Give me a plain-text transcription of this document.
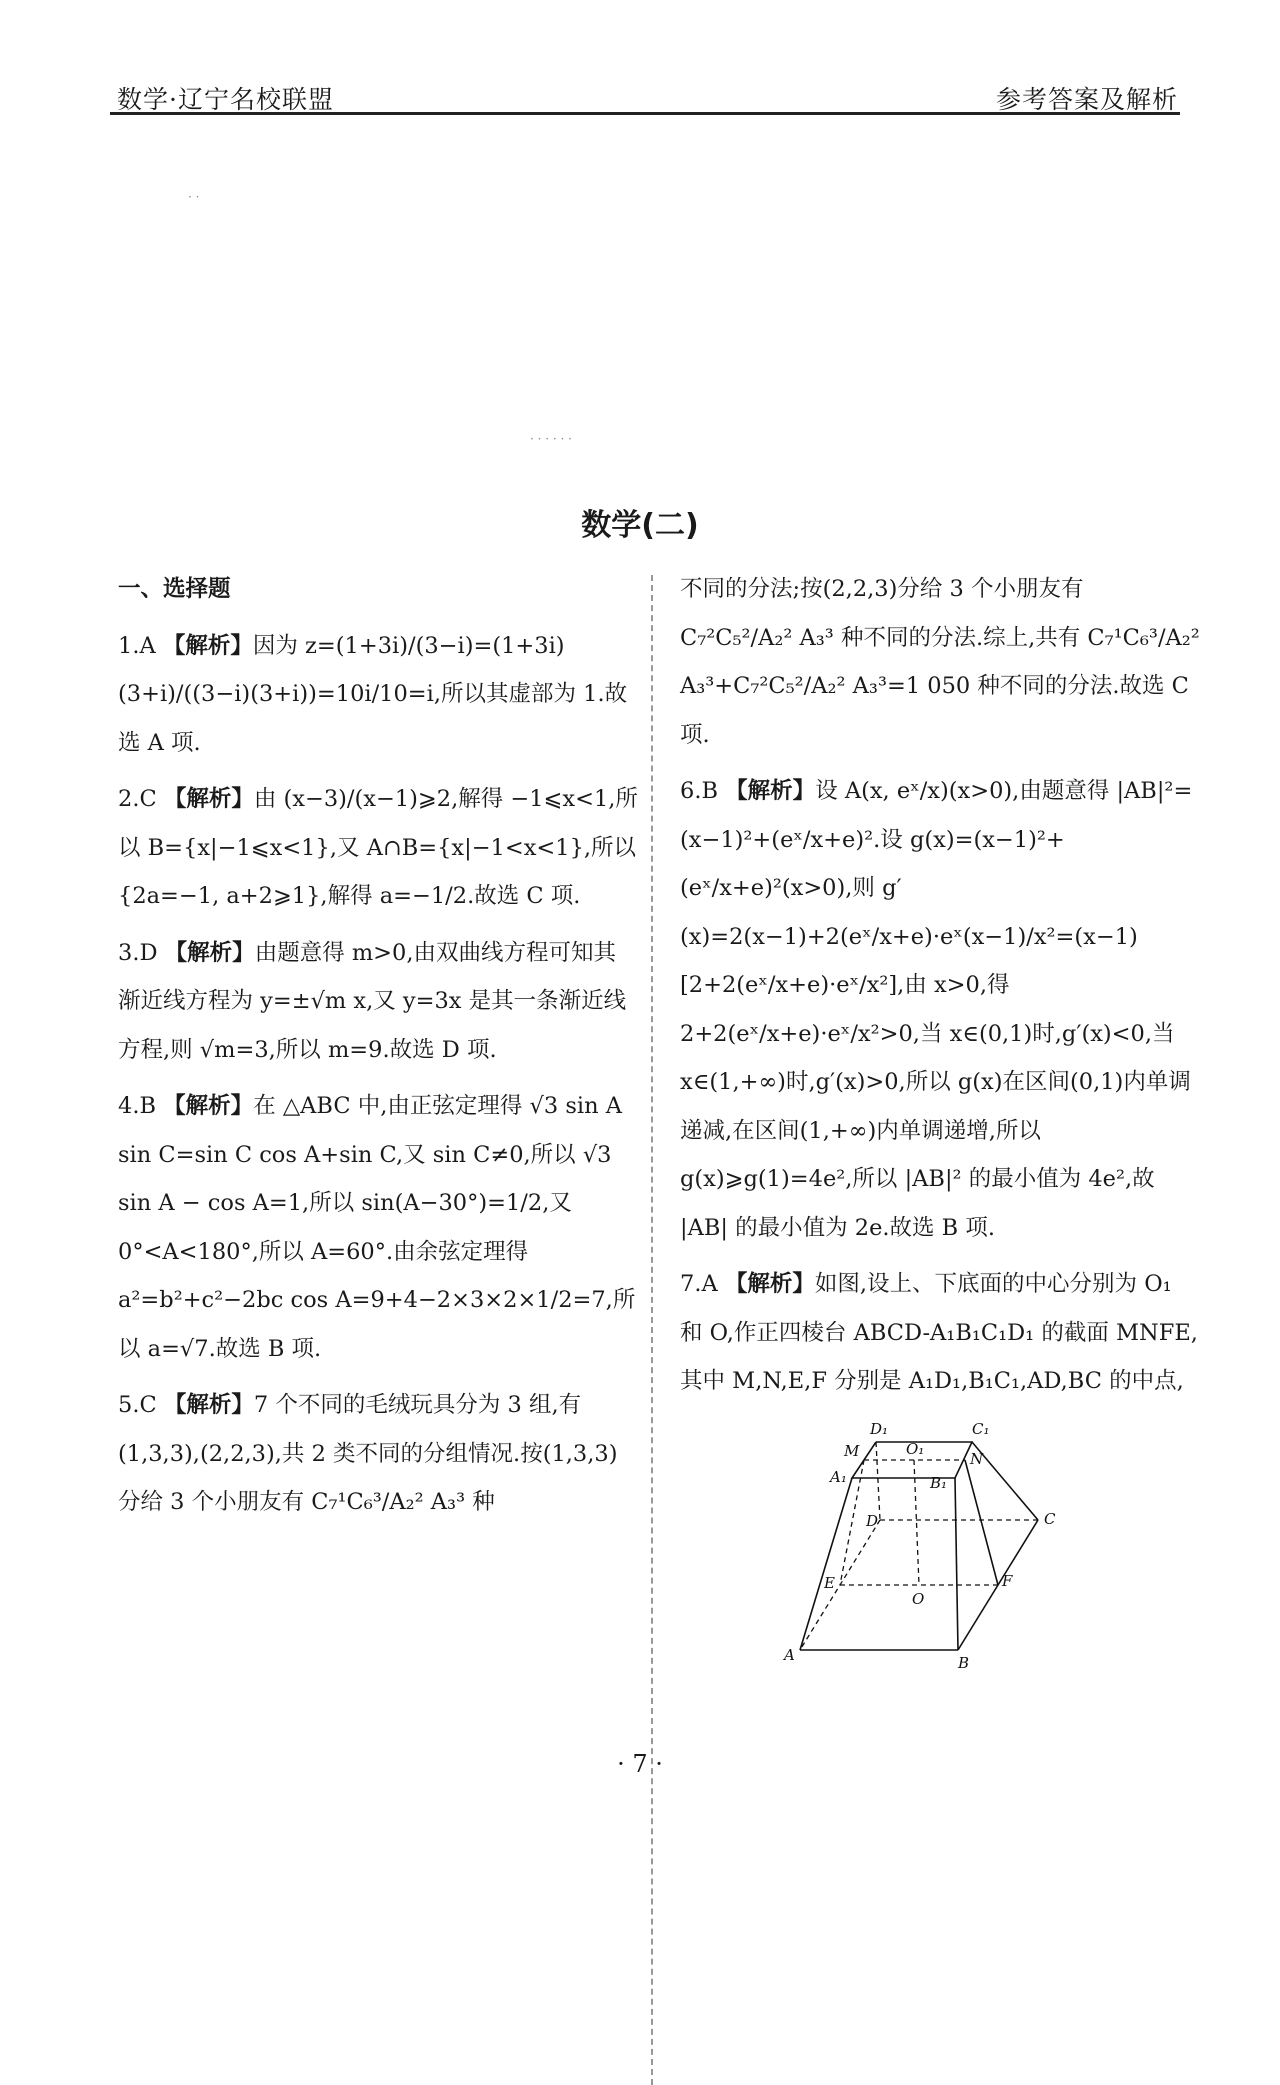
数学·辽宁名校联盟	参考答案及解析
· ·
· · · · · ·
数学(二)
一、选择题
1.A 【解析】因为 z=(1+3i)/(3−i)=(1+3i)(3+i)/((3−i)(3+i))=10i/10=i,所以其虚部为 1.故选 A 项.
2.C 【解析】由 (x−3)/(x−1)⩾2,解得 −1⩽x<1,所以 B={x|−1⩽x<1},又 A∩B={x|−1<x<1},所以 {2a=−1, a+2⩾1},解得 a=−1/2.故选 C 项.
3.D 【解析】由题意得 m>0,由双曲线方程可知其渐近线方程为 y=±√m x,又 y=3x 是其一条渐近线方程,则 √m=3,所以 m=9.故选 D 项.
4.B 【解析】在 △ABC 中,由正弦定理得 √3 sin A sin C=sin C cos A+sin C,又 sin C≠0,所以 √3 sin A − cos A=1,所以 sin(A−30°)=1/2,又 0°<A<180°,所以 A=60°.由余弦定理得 a²=b²+c²−2bc cos A=9+4−2×3×2×1/2=7,所以 a=√7.故选 B 项.
5.C 【解析】7 个不同的毛绒玩具分为 3 组,有(1,3,3),(2,2,3),共 2 类不同的分组情况.按(1,3,3)分给 3 个小朋友有 C₇¹C₆³/A₂² A₃³ 种
不同的分法;按(2,2,3)分给 3 个小朋友有 C₇²C₅²/A₂² A₃³ 种不同的分法.综上,共有 C₇¹C₆³/A₂² A₃³+C₇²C₅²/A₂² A₃³=1 050 种不同的分法.故选 C 项.
6.B 【解析】设 A(x, eˣ/x)(x>0),由题意得 |AB|²=(x−1)²+(eˣ/x+e)².设 g(x)=(x−1)²+(eˣ/x+e)²(x>0),则 g′(x)=2(x−1)+2(eˣ/x+e)·eˣ(x−1)/x²=(x−1)[2+2(eˣ/x+e)·eˣ/x²],由 x>0,得 2+2(eˣ/x+e)·eˣ/x²>0,当 x∈(0,1)时,g′(x)<0,当 x∈(1,+∞)时,g′(x)>0,所以 g(x)在区间(0,1)内单调递减,在区间(1,+∞)内单调递增,所以 g(x)⩾g(1)=4e²,所以 |AB|² 的最小值为 4e²,故 |AB| 的最小值为 2e.故选 B 项.
7.A 【解析】如图,设上、下底面的中心分别为 O₁ 和 O,作正四棱台 ABCD-A₁B₁C₁D₁ 的截面 MNFE,其中 M,N,E,F 分别是 A₁D₁,B₁C₁,AD,BC 的中点,
D₁	C₁
M	O₁
N
A₁	B₁
D	C
E
O
F
A	B
· 7 ·
